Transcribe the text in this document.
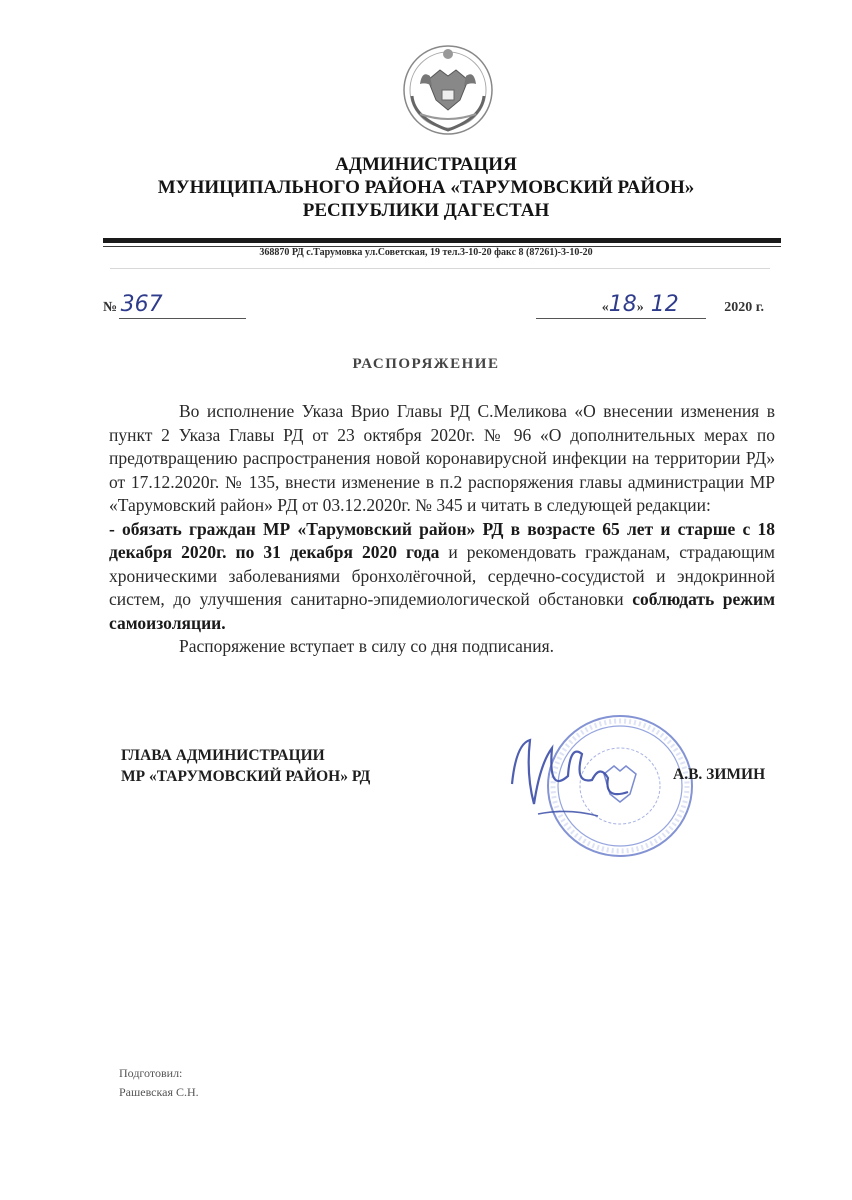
АДМИНИСТРАЦИЯ
МУНИЦИПАЛЬНОГО РАЙОНА «ТАРУМОВСКИЙ РАЙОН»
РЕСПУБЛИКИ ДАГЕСТАН
368870 РД с.Тарумовка ул.Советская, 19 тел.3-10-20 факс 8 (87261)-3-10-20
№ 367	«18» 12	2020 г.
РАСПОРЯЖЕНИЕ

Во исполнение Указа Врио Главы РД С.Меликова «О внесении изменения в пункт 2 Указа Главы РД от 23 октября 2020г. № 96 «О дополнительных мерах по предотвращению распространения новой коронавирусной инфекции на территории РД» от 17.12.2020г. № 135, внести изменение в п.2 распоряжения главы администрации МР «Тарумовский район» РД от 03.12.2020г. № 345 и читать в следующей редакции:

- обязать граждан МР «Тарумовский район» РД в возрасте 65 лет и старше с 18 декабря 2020г. по 31 декабря 2020 года и рекомендовать гражданам, страдающим хроническими заболеваниями бронхолёгочной, сердечно-сосудистой и эндокринной систем, до улучшения санитарно-эпидемиологической обстановки соблюдать режим самоизоляции.

Распоряжение вступает в силу со дня подписания.

ГЛАВА АДМИНИСТРАЦИИ
МР «ТАРУМОВСКИЙ РАЙОН» РД	А.В. ЗИМИН
Подготовил:
Рашевская С.Н.
